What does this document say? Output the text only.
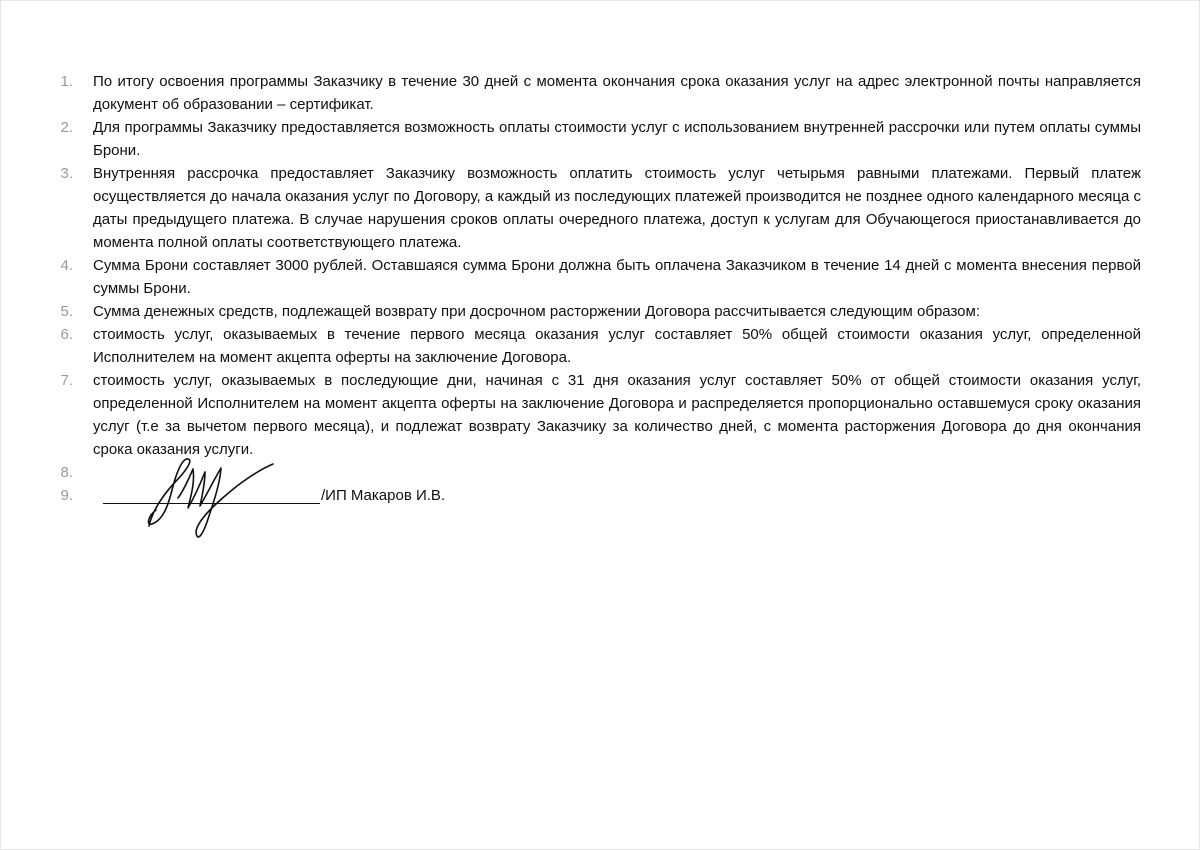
1. По итогу освоения программы Заказчику в течение 30 дней с момента окончания срока оказания услуг на адрес электронной почты направляется документ об образовании – сертификат.
2. Для программы Заказчику предоставляется возможность оплаты стоимости услуг с использованием внутренней рассрочки или путем оплаты суммы Брони.
3. Внутренняя рассрочка предоставляет Заказчику возможность оплатить стоимость услуг четырьмя равными платежами. Первый платеж осуществляется до начала оказания услуг по Договору, а каждый из последующих платежей производится не позднее одного календарного месяца с даты предыдущего платежа. В случае нарушения сроков оплаты очередного платежа, доступ к услугам для Обучающегося приостанавливается до момента полной оплаты соответствующего платежа.
4. Сумма Брони составляет 3000 рублей. Оставшаяся сумма Брони должна быть оплачена Заказчиком в течение 14 дней с момента внесения первой суммы Брони.
5. Сумма денежных средств, подлежащей возврату при досрочном расторжении Договора рассчитывается следующим образом:
6. стоимость услуг, оказываемых в течение первого месяца оказания услуг составляет 50% общей стоимости оказания услуг, определенной Исполнителем на момент акцепта оферты на заключение Договора.
7. стоимость услуг, оказываемых в последующие дни, начиная с 31 дня оказания услуг составляет 50% от общей стоимости оказания услуг, определенной Исполнителем на момент акцепта оферты на заключение Договора и распределяется пропорционально оставшемуся сроку оказания услуг (т.е за вычетом первого месяца), и подлежат возврату Заказчику за количество дней, с момента расторжения Договора до дня окончания срока оказания услуги.
8.
9.	/ИП Макаров И.В.
